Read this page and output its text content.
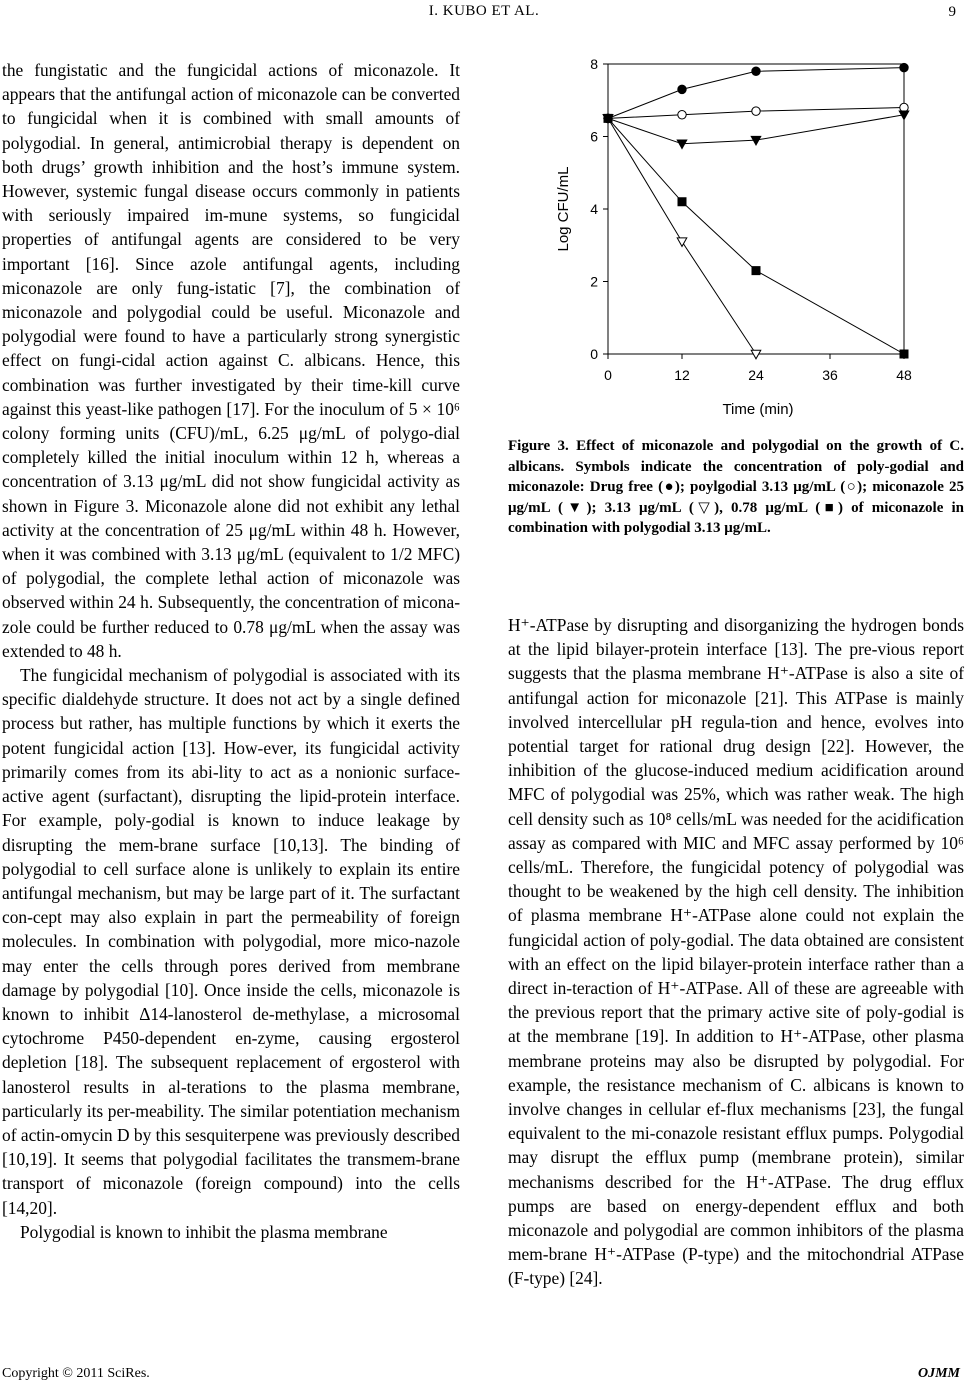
I. KUBO ET AL.	9

the fungistatic and the fungicidal actions of miconazole. It appears that the antifungal action of miconazole can be converted to fungicidal when it is combined with small amounts of polygodial. In general, antimicrobial therapy is dependent on both drugs’ growth inhibition and the host’s immune system. However, systemic fungal disease occurs commonly in patients with seriously impaired im-mune systems, so fungicidal properties of antifungal agents are considered to be very important [16]. Since azole antifungal agents, including miconazole are only fung-istatic [7], the combination of miconazole and polygodial could be useful. Miconazole and polygodial were found to have a particularly strong synergistic effect on fungi-cidal action against C. albicans. Hence, this combination was further investigated by their time-kill curve against this yeast-like pathogen [17]. For the inoculum of 5 × 10⁶ colony forming units (CFU)/mL, 6.25 μg/mL of polygo-dial completely killed the initial inoculum within 12 h, whereas a concentration of 3.13 μg/mL did not show fungicidal activity as shown in Figure 3. Miconazole alone did not exhibit any lethal activity at the concentration of 25 μg/mL within 48 h. However, when it was combined with 3.13 μg/mL (equivalent to 1/2 MFC) of polygodial, the complete lethal action of miconazole was observed within 24 h. Subsequently, the concentration of micona-zole could be further reduced to 0.78 μg/mL when the assay was extended to 48 h.

The fungicidal mechanism of polygodial is associated with its specific dialdehyde structure. It does not act by a single defined process but rather, has multiple functions by which it exerts the potent fungicidal action [13]. How-ever, its fungicidal activity primarily comes from its abi-lity to act as a nonionic surface-active agent (surfactant), disrupting the lipid-protein interface. For example, poly-godial is known to induce leakage by disrupting the mem-brane surface [10,13]. The binding of polygodial to cell surface alone is unlikely to explain its entire antifungal mechanism, but may be large part of it. The surfactant con-cept may also explain in part the permeability of foreign molecules. In combination with polygodial, more mico-nazole may enter the cells through pores derived from membrane damage by polygodial [10]. Once inside the cells, miconazole is known to inhibit Δ14-lanosterol de-methylase, a microsomal cytochrome P450-dependent en-zyme, causing ergosterol depletion [18]. The subsequent replacement of ergosterol with lanosterol results in al-terations to the plasma membrane, particularly its per-meability. The similar potentiation mechanism of actin-omycin D by this sesquiterpene was previously described [10,19]. It seems that polygodial facilitates the transmem-brane transport of miconazole (foreign compound) into the cells [14,20].

Polygodial is known to inhibit the plasma membrane

0
2
4
6
8
0	12	24	36	48
Time (min)
Log CFU/mL
Figure 3. Effect of miconazole and polygodial on the growth of C. albicans. Symbols indicate the concentration of poly-godial and miconazole: Drug free (●); poylgodial 3.13 μg/mL (○); miconazole 25 μg/mL (▼); 3.13 μg/mL (▽), 0.78 μg/mL (■) of miconazole in combination with polygodial 3.13 μg/mL.

H⁺-ATPase by disrupting and disorganizing the hydrogen bonds at the lipid bilayer-protein interface [13]. The pre-vious report suggests that the plasma membrane H⁺-ATPase is also a site of antifungal action for miconazole [21]. This ATPase is mainly involved intercellular pH regula-tion and hence, evolves into potential target for rational drug design [22]. However, the inhibition of the glucose-induced medium acidification around MFC of polygodial was 25%, which was rather weak. The high cell density such as 10⁸ cells/mL was needed for the acidification assay as compared with MIC and MFC assay performed by 10⁶ cells/mL. Therefore, the fungicidal potency of polygodial was thought to be weakened by the high cell density. The inhibition of plasma membrane H⁺-ATPase alone could not explain the fungicidal action of poly-godial. The data obtained are consistent with an effect on the lipid bilayer-protein interface rather than a direct in-teraction of H⁺-ATPase. All of these are agreeable with the previous report that the primary active site of poly-godial is at the membrane [19]. In addition to H⁺-ATPase, other plasma membrane proteins may also be disrupted by polygodial. For example, the resistance mechanism of C. albicans is known to involve changes in cellular ef-flux mechanisms [23], the fungal equivalent to the mi-conazole resistant efflux pumps. Polygodial may disrupt the efflux pump (membrane protein), similar mechanisms described for the H⁺-ATPase. The drug efflux pumps are based on energy-dependent efflux and both miconazole and polygodial are common inhibitors of the plasma mem-brane H⁺-ATPase (P-type) and the mitochondrial ATPase (F-type) [24].

Copyright © 2011 SciRes.	OJMM
